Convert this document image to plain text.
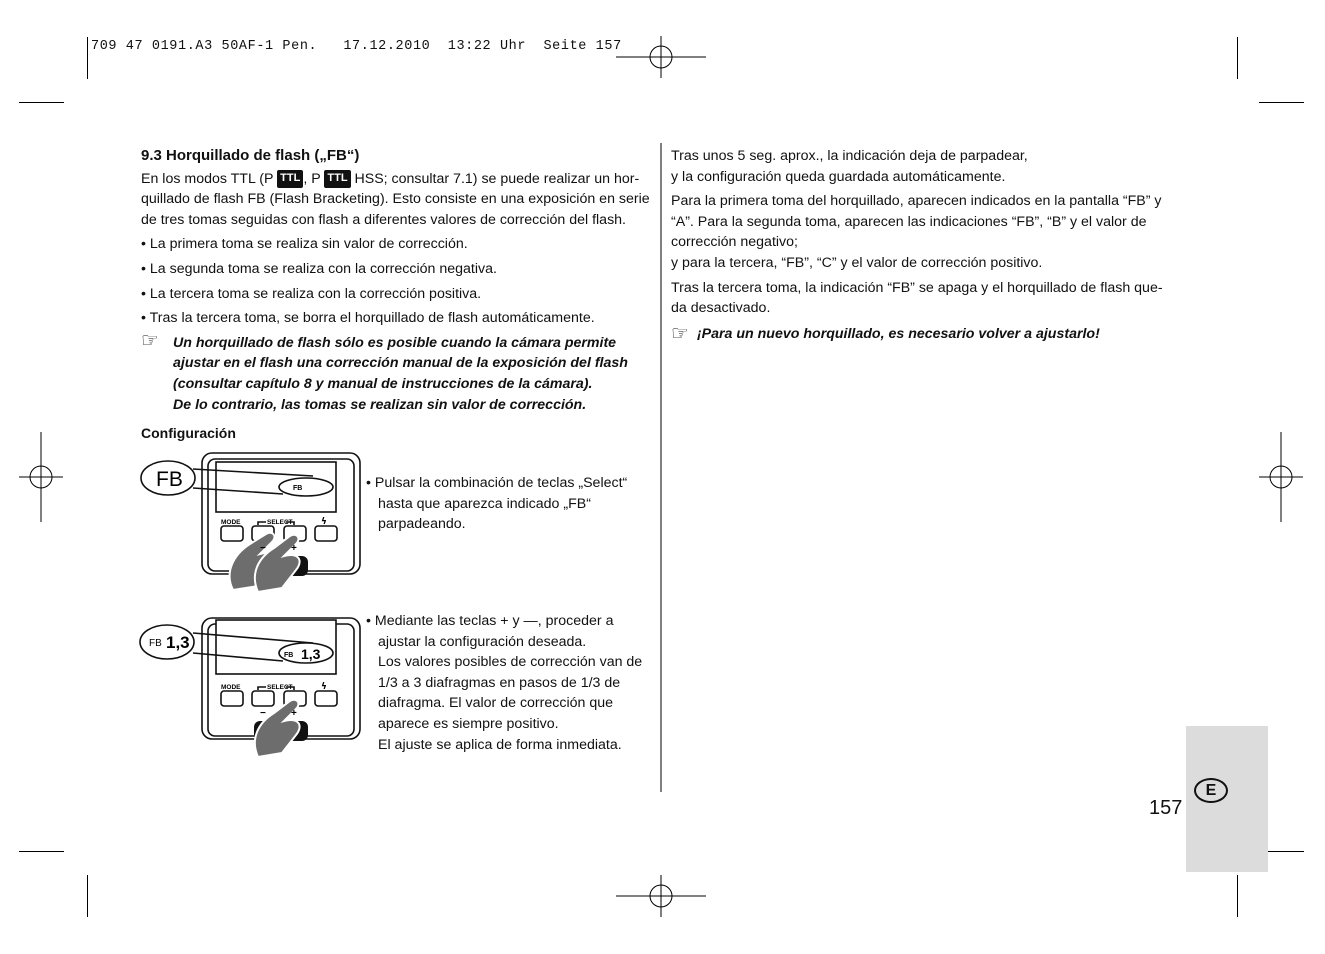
709 47 0191.A3 50AF-1 Pen.   17.12.2010  13:22 Uhr  Seite 157

9.3 Horquillado de flash („FB“)

En los modos TTL (P TTL , P TTL HSS; consultar 7.1) se puede realizar un hor-

quillado de flash FB (Flash Bracketing). Esto consiste en una exposición en serie

de tres tomas seguidas con flash a diferentes valores de corrección del flash.

• La primera toma se realiza sin valor de corrección.

• La segunda toma se realiza con la corrección negativa.

• La tercera toma se realiza con la corrección positiva.

• Tras la tercera toma, se borra el horquillado de flash automáticamente.

☞ Un horquillado de flash sólo es posible cuando la cámara permite

ajustar en el flash una corrección manual de la exposición del flash

(consultar capítulo 8 y manual de instrucciones de la cámara).

De lo contrario, las tomas se realizan sin valor de corrección.

Configuración

FB	FB
MODE	SELECT	ϟ
−	+

• Pulsar la combinación de teclas „Select“

hasta que aparezca indicado „FB“

parpadeando.

FB 1,3
FB 1,3
MODE	SELECT	ϟ
−	+

• Mediante las teclas + y —, proceder a

ajustar la configuración deseada.

Los valores posibles de corrección van de

1/3 a 3 diafragmas en pasos de 1/3 de

diafragma. El valor de corrección que

aparece es siempre positivo.

El ajuste se aplica de forma inmediata.

Tras unos 5 seg. aprox., la indicación deja de parpadear,

y la configuración queda guardada automáticamente.

Para la primera toma del horquillado, aparecen indicados en la pantalla “FB” y

“A”. Para la segunda toma, aparecen las indicaciones “FB”, “B” y el valor de

corrección negativo;

y para la tercera, “FB”, “C” y el valor de corrección positivo.

Tras la tercera toma, la indicación “FB” se apaga y el horquillado de flash que-

da desactivado.

☞ ¡Para un nuevo horquillado, es necesario volver a ajustarlo!

157
E
